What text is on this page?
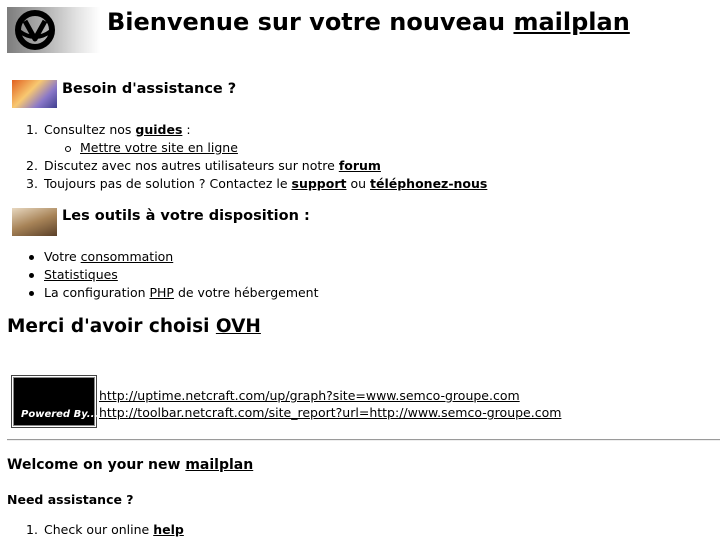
Bienvenue sur votre nouveau mailplan
Besoin d'assistance ?
1. Consultez nos guides :
Mettre votre site en ligne
2. Discutez avec nos autres utilisateurs sur notre forum
3. Toujours pas de solution ? Contactez le support ou téléphonez-nous
Les outils à votre disposition :
Votre consommation
Statistiques
La configuration PHP de votre hébergement
Merci d'avoir choisi OVH
Powered By...
http://uptime.netcraft.com/up/graph?site=www.semco-groupe.com
http://toolbar.netcraft.com/site_report?url=http://www.semco-groupe.com
Welcome on your new mailplan
Need assistance ?
1. Check our online help
